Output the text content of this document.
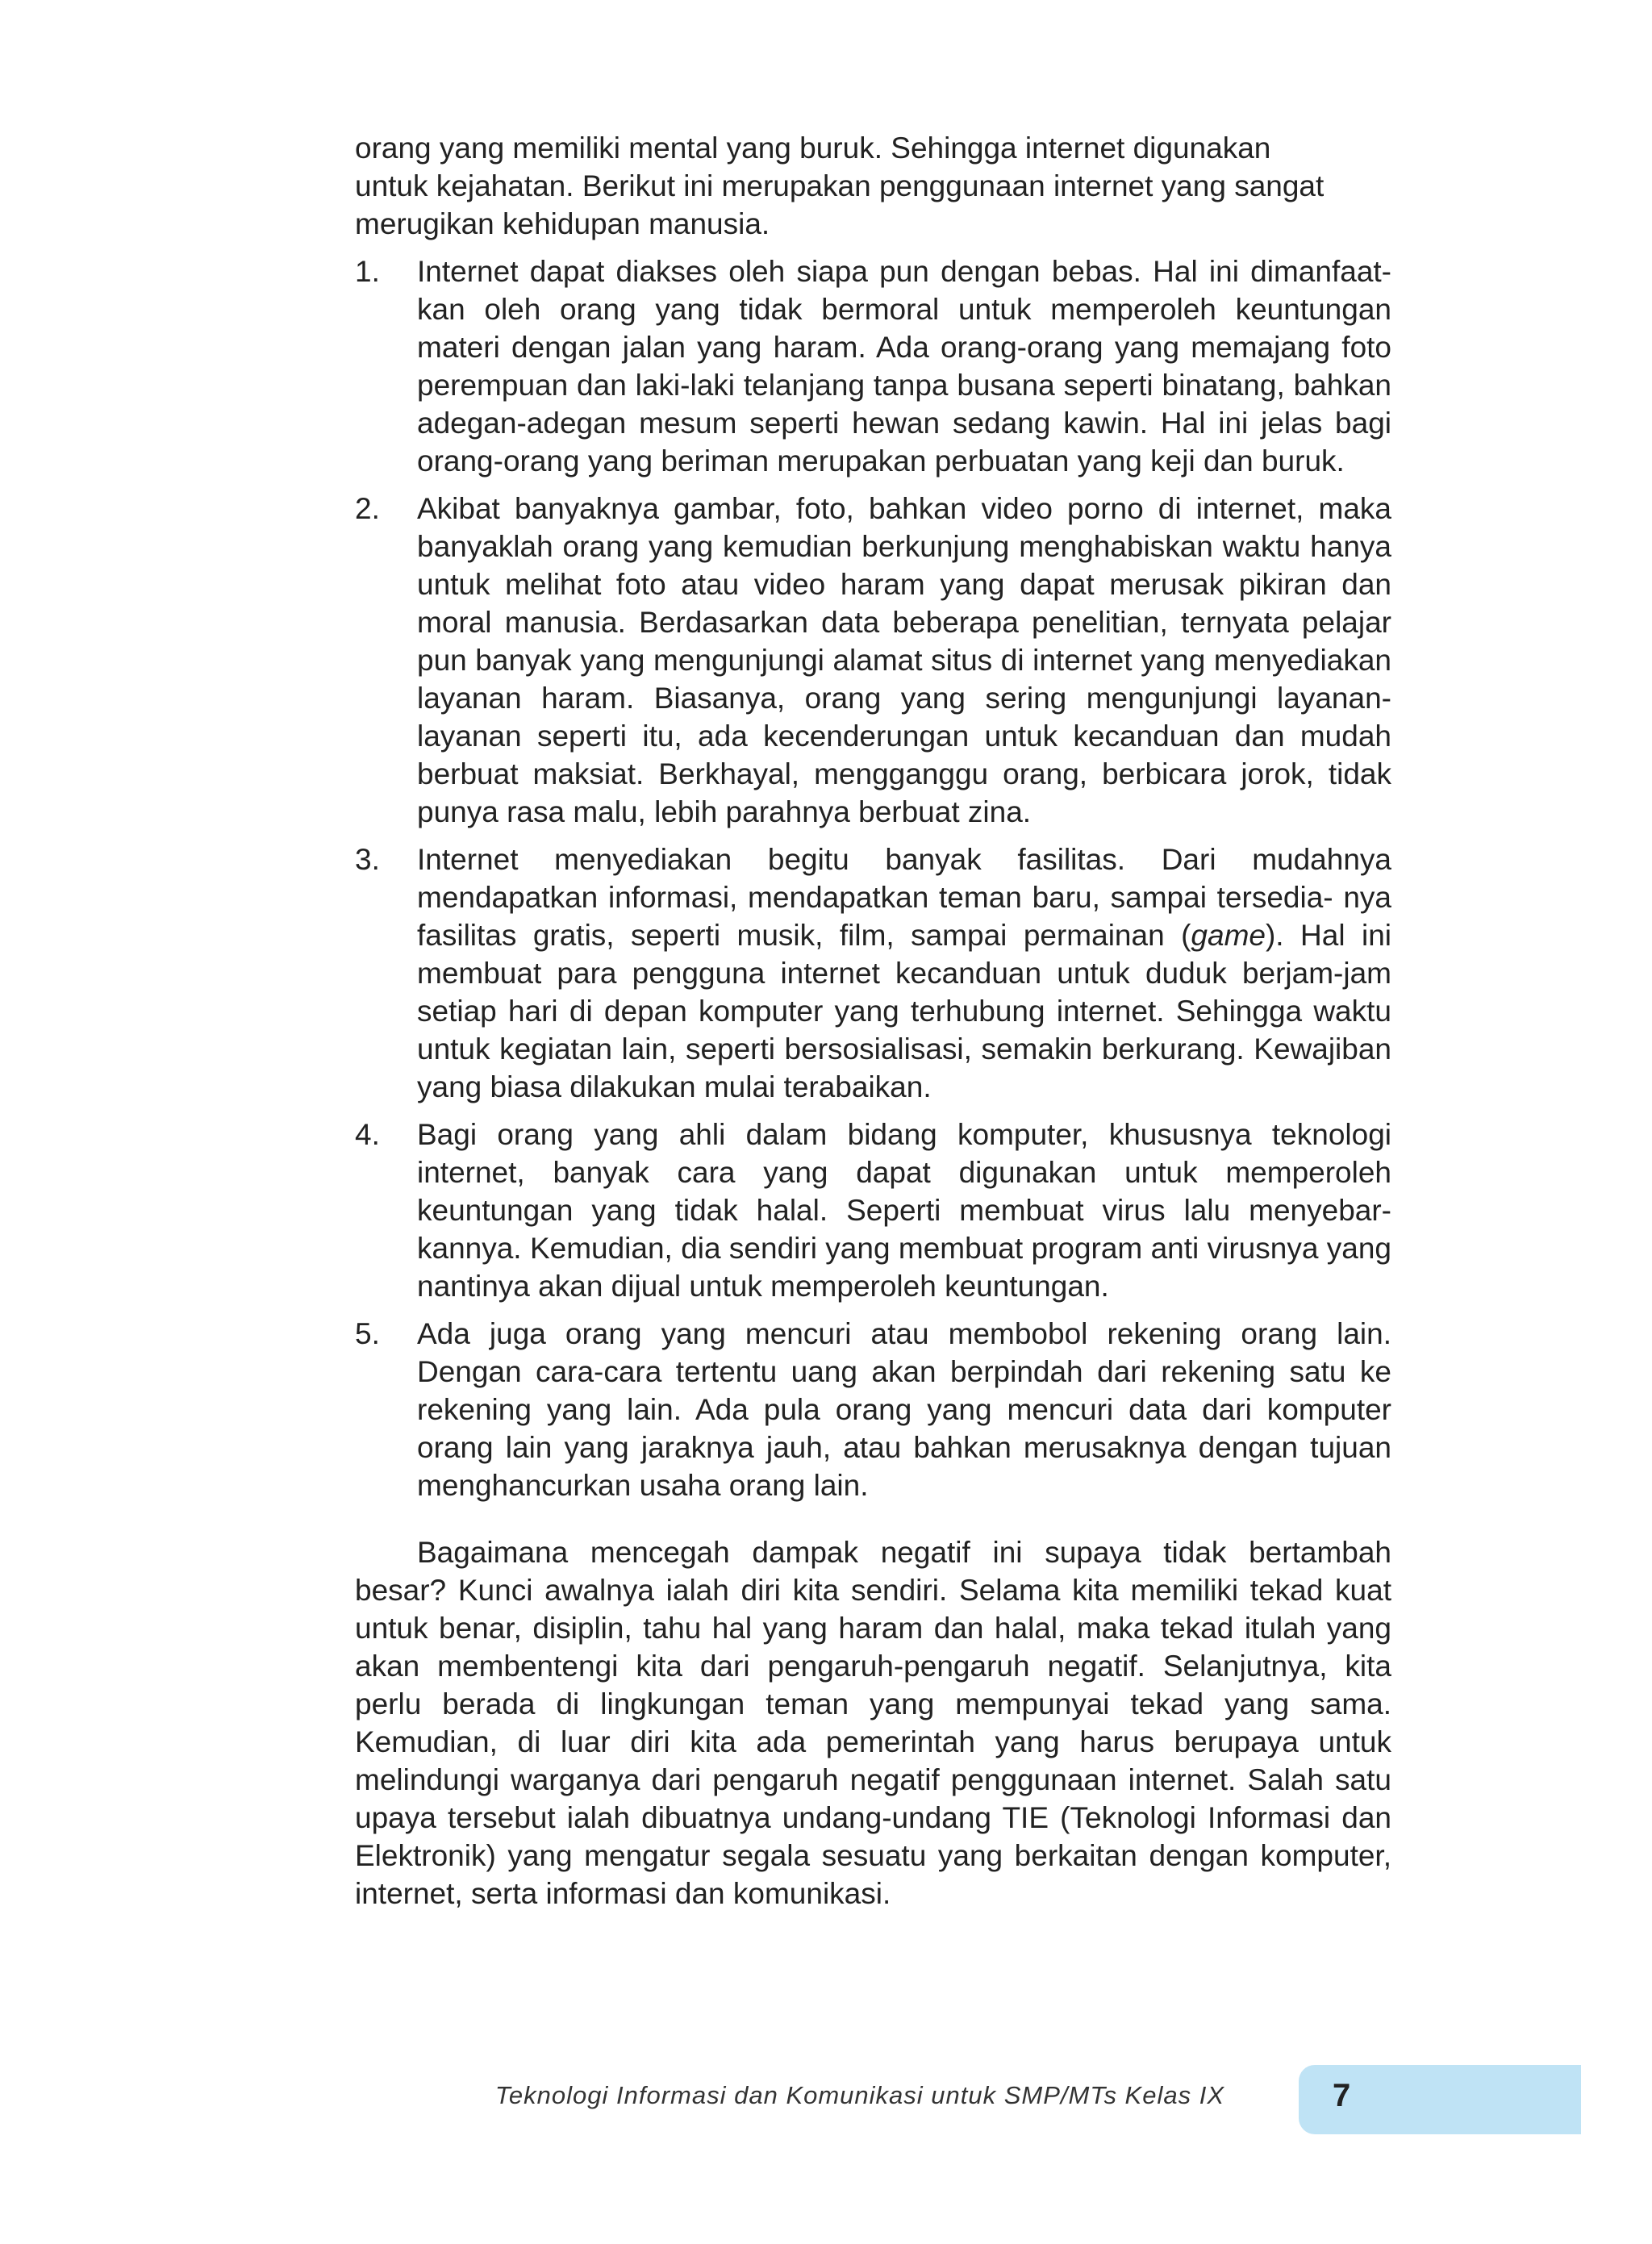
orang yang memiliki mental yang buruk. Sehingga internet digunakan
untuk kejahatan. Berikut ini merupakan penggunaan internet yang sangat
merugikan kehidupan manusia.

1. Internet dapat diakses oleh siapa pun dengan bebas. Hal ini dimanfaat-kan oleh orang yang tidak bermoral untuk memperoleh keuntungan materi dengan jalan yang haram. Ada orang-orang yang memajang foto perempuan dan laki-laki telanjang tanpa busana seperti binatang, bahkan adegan-adegan mesum seperti hewan sedang kawin. Hal ini jelas bagi orang-orang yang beriman merupakan perbuatan yang keji dan buruk.
2. Akibat banyaknya gambar, foto, bahkan video porno di internet, maka banyaklah orang yang kemudian berkunjung menghabiskan waktu hanya untuk melihat foto atau video haram yang dapat merusak pikiran dan moral manusia. Berdasarkan data beberapa penelitian, ternyata pelajar pun banyak yang mengunjungi alamat situs di internet yang menyediakan layanan haram. Biasanya, orang yang sering mengunjungi layanan-layanan seperti itu, ada kecenderungan untuk kecanduan dan mudah berbuat maksiat. Berkhayal, mengganggu orang, berbicara jorok, tidak punya rasa malu, lebih parahnya berbuat zina.
3. Internet menyediakan begitu banyak fasilitas. Dari mudahnya mendapatkan informasi, mendapatkan teman baru, sampai tersedia- nya fasilitas gratis, seperti musik, film, sampai permainan (game). Hal ini membuat para pengguna internet kecanduan untuk duduk berjam-jam setiap hari di depan komputer yang terhubung internet. Sehingga waktu untuk kegiatan lain, seperti bersosialisasi, semakin berkurang. Kewajiban yang biasa dilakukan mulai terabaikan.
4. Bagi orang yang ahli dalam bidang komputer, khususnya teknologi internet, banyak cara yang dapat digunakan untuk memperoleh keuntungan yang tidak halal. Seperti membuat virus lalu menyebar-kannya. Kemudian, dia sendiri yang membuat program anti virusnya yang nantinya akan dijual untuk memperoleh keuntungan.
5. Ada juga orang yang mencuri atau membobol rekening orang lain. Dengan cara-cara tertentu uang akan berpindah dari rekening satu ke rekening yang lain. Ada pula orang yang mencuri data dari komputer orang lain yang jaraknya jauh, atau bahkan merusaknya dengan tujuan menghancurkan usaha orang lain.

Bagaimana mencegah dampak negatif ini supaya tidak bertambah besar? Kunci awalnya ialah diri kita sendiri. Selama kita memiliki tekad kuat untuk benar, disiplin, tahu hal yang haram dan halal, maka tekad itulah yang akan membentengi kita dari pengaruh-pengaruh negatif. Selanjutnya, kita perlu berada di lingkungan teman yang mempunyai tekad yang sama. Kemudian, di luar diri kita ada pemerintah yang harus berupaya untuk melindungi warganya dari pengaruh negatif penggunaan internet. Salah satu upaya tersebut ialah dibuatnya undang-undang TIE (Teknologi Informasi dan Elektronik) yang mengatur segala sesuatu yang berkaitan dengan komputer, internet, serta informasi dan komunikasi.

Teknologi Informasi dan Komunikasi untuk SMP/MTs Kelas IX	7
